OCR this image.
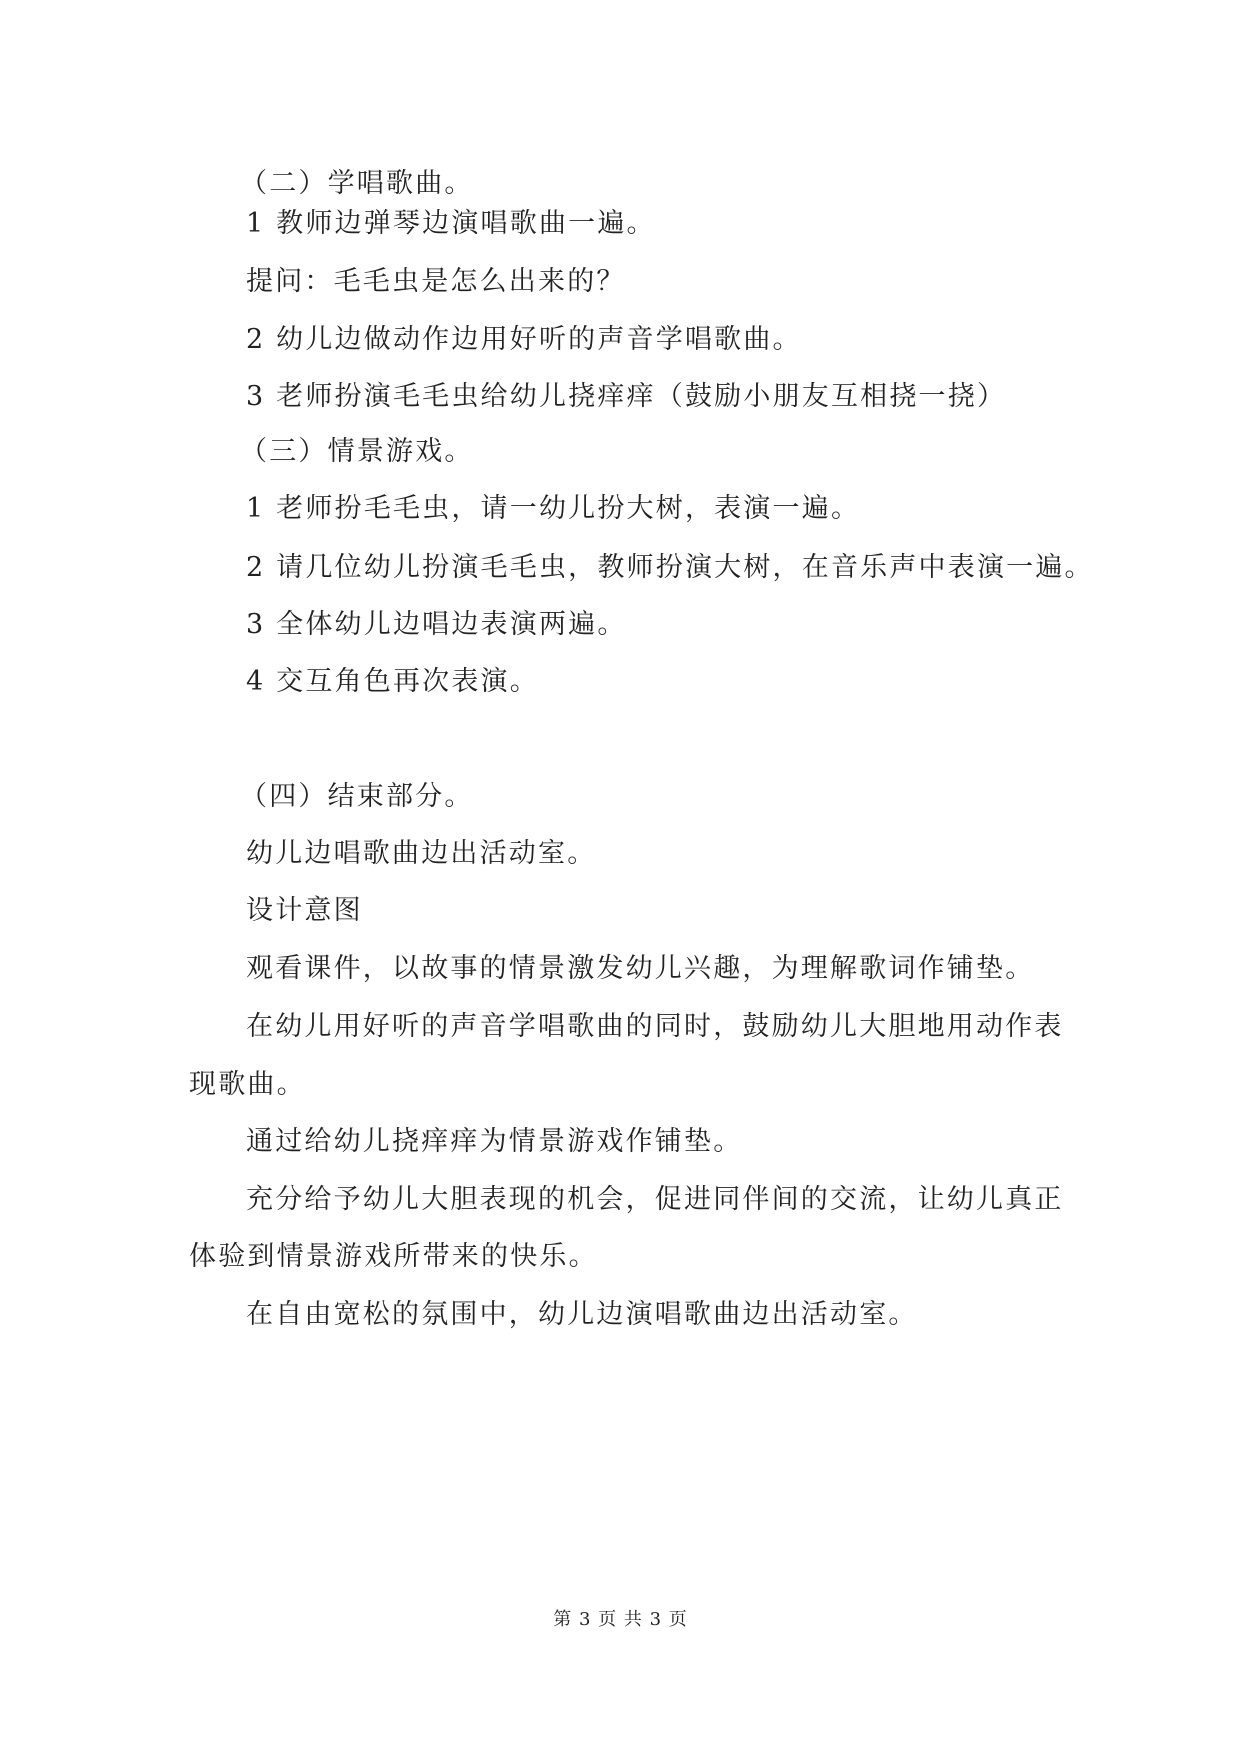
（二）学唱歌曲。
1 教师边弹琴边演唱歌曲一遍。
提问：毛毛虫是怎么出来的？
2 幼儿边做动作边用好听的声音学唱歌曲。
3 老师扮演毛毛虫给幼儿挠痒痒（鼓励小朋友互相挠一挠）
（三）情景游戏。
1 老师扮毛毛虫，请一幼儿扮大树，表演一遍。
2 请几位幼儿扮演毛毛虫，教师扮演大树，在音乐声中表演一遍。
3 全体幼儿边唱边表演两遍。
4 交互角色再次表演。
（四）结束部分。
幼儿边唱歌曲边出活动室。
设计意图
观看课件，以故事的情景激发幼儿兴趣，为理解歌词作铺垫。
在幼儿用好听的声音学唱歌曲的同时，鼓励幼儿大胆地用动作表
现歌曲。
通过给幼儿挠痒痒为情景游戏作铺垫。
充分给予幼儿大胆表现的机会，促进同伴间的交流，让幼儿真正
体验到情景游戏所带来的快乐。
在自由宽松的氛围中，幼儿边演唱歌曲边出活动室。
第 3 页 共 3 页
